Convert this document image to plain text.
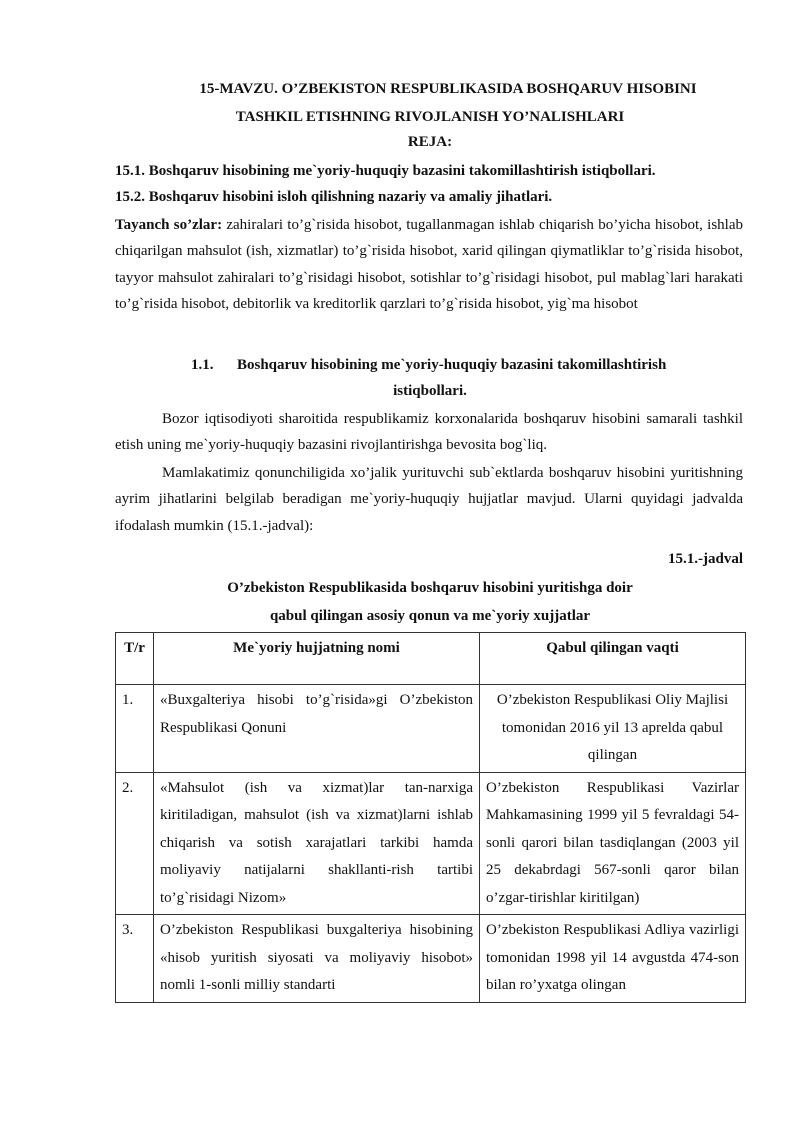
15-MAVZU. O’ZBEKISTON RESPUBLIKASIDA BOSHQARUV HISOBINI
TASHKIL ETISHNING RIVOJLANISH YO’NALISHLARI
REJA:
15.1. Boshqaruv hisobining me`yoriy-huquqiy bazasini takomillashtirish istiqbollari.
15.2. Boshqaruv hisobini isloh qilishning nazariy va amaliy jihatlari.
Tayanch so’zlar: zahiralari to’g`risida hisobot, tugallanmagan ishlab chiqarish bo’yicha hisobot, ishlab chiqarilgan mahsulot (ish, xizmatlar) to’g`risida hisobot, xarid qilingan qiymatliklar to’g`risida hisobot, tayyor mahsulot zahiralari to’g`risidagi hisobot, sotishlar to’g`risidagi hisobot, pul mablag`lari harakati to’g`risida hisobot, debitorlik va kreditorlik qarzlari to’g`risida hisobot, yig`ma hisobot
1.1. Boshqaruv hisobining me`yoriy-huquqiy bazasini takomillashtirish
istiqbollari.
Bozor iqtisodiyoti sharoitida respublikamiz korxonalarida boshqaruv hisobini samarali tashkil etish uning me`yoriy-huquqiy bazasini rivojlantirishga bevosita bog`liq.
Mamlakatimiz qonunchiligida xo’jalik yurituvchi sub`ektlarda boshqaruv hisobini yuritishning ayrim jihatlarini belgilab beradigan me`yoriy-huquqiy hujjatlar mavjud. Ularni quyidagi jadvalda ifodalash mumkin (15.1.-jadval):
15.1.-jadval
O’zbekiston Respublikasida boshqaruv hisobini yuritishga doir
qabul qilingan asosiy qonun va me`yoriy xujjatlar
T/r	Me`yoriy hujjatning nomi	Qabul qilingan vaqti
1.	«Buxgalteriya hisobi to’g`risida»gi O’zbekiston Respublikasi Qonuni	O’zbekiston Respublikasi Oliy Majlisi tomonidan 2016 yil 13 aprelda qabul qilingan
2.	«Mahsulot (ish va xizmat)lar tan-narxiga kiritiladigan, mahsulot (ish va xizmat)larni ishlab chiqarish va sotish xarajatlari tarkibi hamda moliyaviy natijalarni shakllanti-rish tartibi to’g`risidagi Nizom»	O’zbekiston Respublikasi Vazirlar Mahkamasining 1999 yil 5 fevraldagi 54-sonli qarori bilan tasdiqlangan (2003 yil 25 dekabrdagi 567-sonli qaror bilan o’zgar-tirishlar kiritilgan)
3.	O’zbekiston Respublikasi buxgalteriya hisobining «hisob yuritish siyosati va moliyaviy hisobot» nomli 1-sonli milliy standarti	O’zbekiston Respublikasi Adliya vazirligi tomonidan 1998 yil 14 avgustda 474-son bilan ro’yxatga olingan
